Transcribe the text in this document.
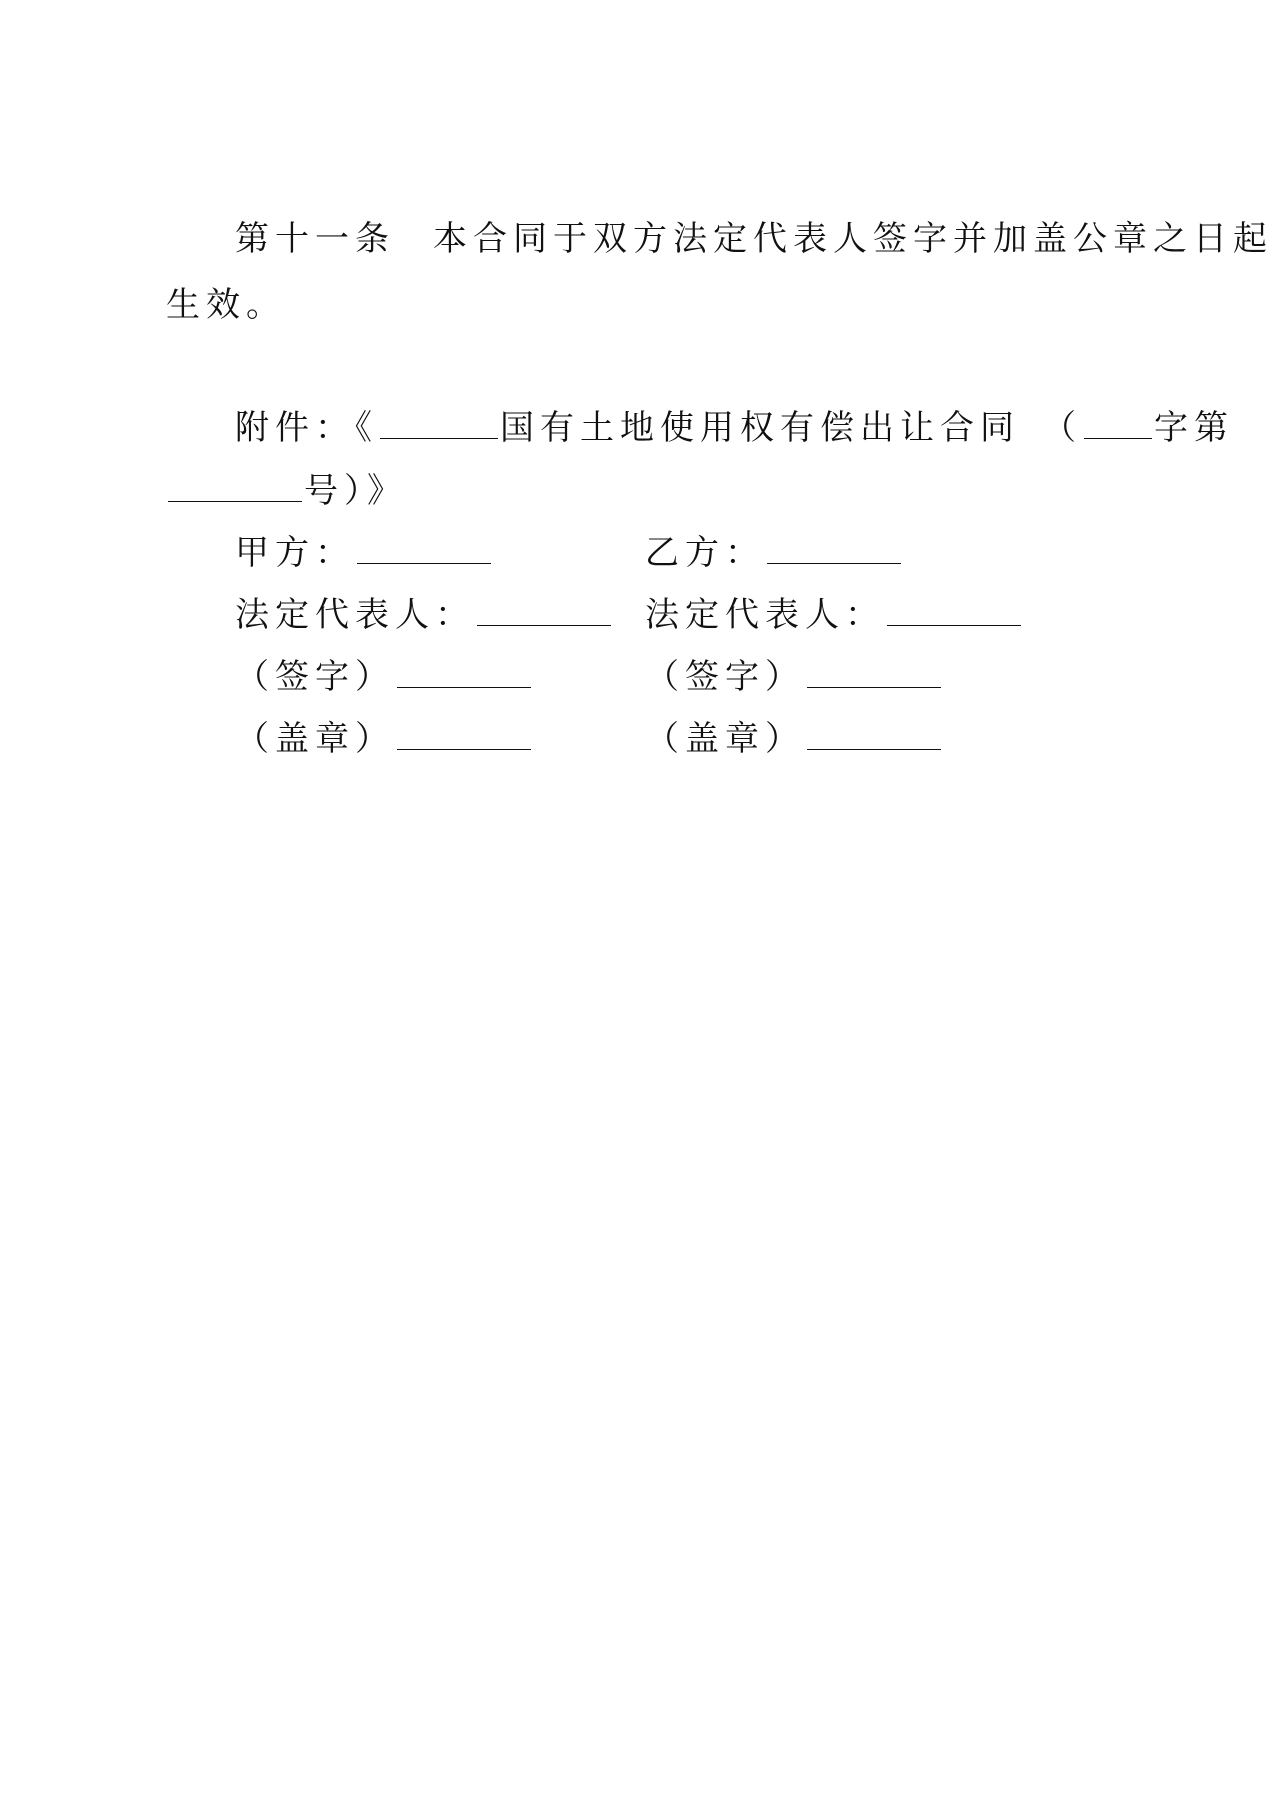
第十一条 本合同于双方法定代表人签字并加盖公章之日起
生效。
附件：《	国有土地使用权有偿出让合同 （ 字第
号）》
甲方：
法定代表人：
（签字）
（盖章）
乙方：
法定代表人：
（签字）
（盖章）
